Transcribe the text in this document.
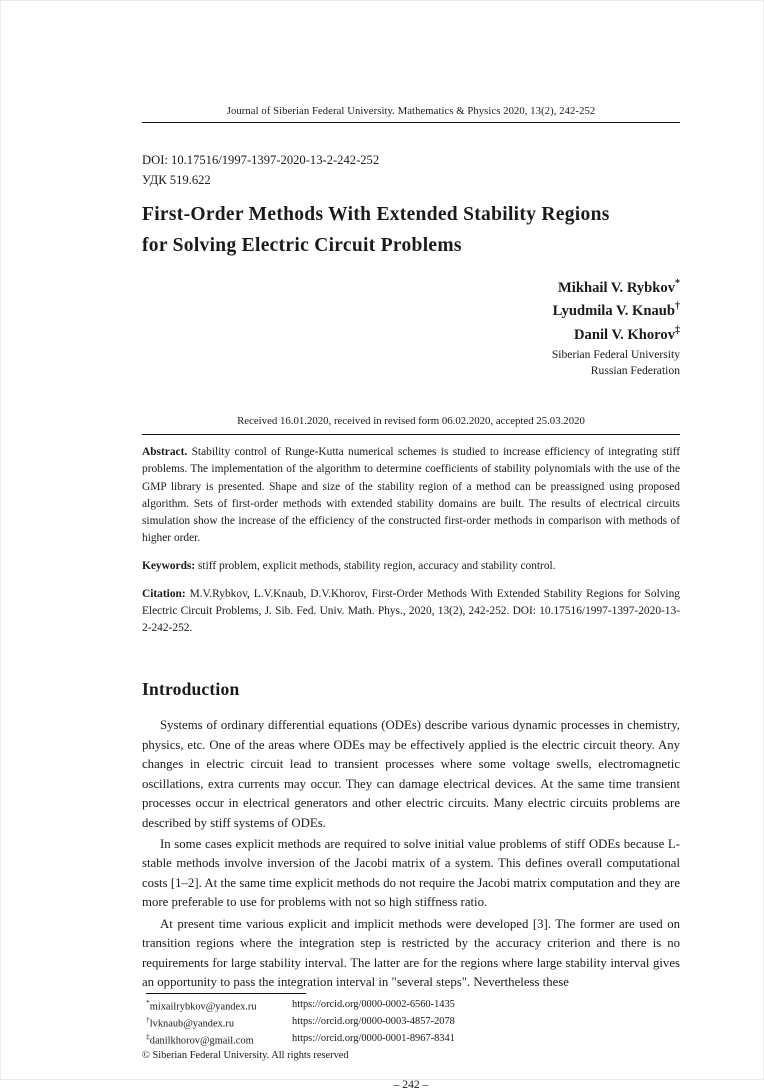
Journal of Siberian Federal University. Mathematics & Physics 2020, 13(2), 242-252
DOI: 10.17516/1997-1397-2020-13-2-242-252
УДК 519.622
First-Order Methods With Extended Stability Regions
for Solving Electric Circuit Problems
Mikhail V. Rybkov*
Lyudmila V. Knaub†
Danil V. Khorov‡
Siberian Federal University
Russian Federation
Received 16.01.2020, received in revised form 06.02.2020, accepted 25.03.2020

Abstract. Stability control of Runge-Kutta numerical schemes is studied to increase efficiency of integrating stiff problems. The implementation of the algorithm to determine coefficients of stability polynomials with the use of the GMP library is presented. Shape and size of the stability region of a method can be preassigned using proposed algorithm. Sets of first-order methods with extended stability domains are built. The results of electrical circuits simulation show the increase of the efficiency of the constructed first-order methods in comparison with methods of higher order.

Keywords: stiff problem, explicit methods, stability region, accuracy and stability control.

Citation: M.V.Rybkov, L.V.Knaub, D.V.Khorov, First-Order Methods With Extended Stability Regions for Solving Electric Circuit Problems, J. Sib. Fed. Univ. Math. Phys., 2020, 13(2), 242-252. DOI: 10.17516/1997-1397-2020-13-2-242-252.

Introduction

Systems of ordinary differential equations (ODEs) describe various dynamic processes in chemistry, physics, etc. One of the areas where ODEs may be effectively applied is the electric circuit theory. Any changes in electric circuit lead to transient processes where some voltage swells, electromagnetic oscillations, extra currents may occur. They can damage electrical devices. At the same time transient processes occur in electrical generators and other electric circuits. Many electric circuits problems are described by stiff systems of ODEs.

In some cases explicit methods are required to solve initial value problems of stiff ODEs because L-stable methods involve inversion of the Jacobi matrix of a system. This defines overall computational costs [1–2]. At the same time explicit methods do not require the Jacobi matrix computation and they are more preferable to use for problems with not so high stiffness ratio.

At present time various explicit and implicit methods were developed [3]. The former are used on transition regions where the integration step is restricted by the accuracy criterion and there is no requirements for large stability interval. The latter are for the regions where large stability interval gives an opportunity to pass the integration interval in "several steps". Nevertheless these

*mixailrybkov@yandex.ru	https://orcid.org/0000-0002-6560-1435
†lvknaub@yandex.ru	https://orcid.org/0000-0003-4857-2078
‡danilkhorov@gmail.com	https://orcid.org/0000-0001-8967-8341
© Siberian Federal University. All rights reserved
– 242 –
